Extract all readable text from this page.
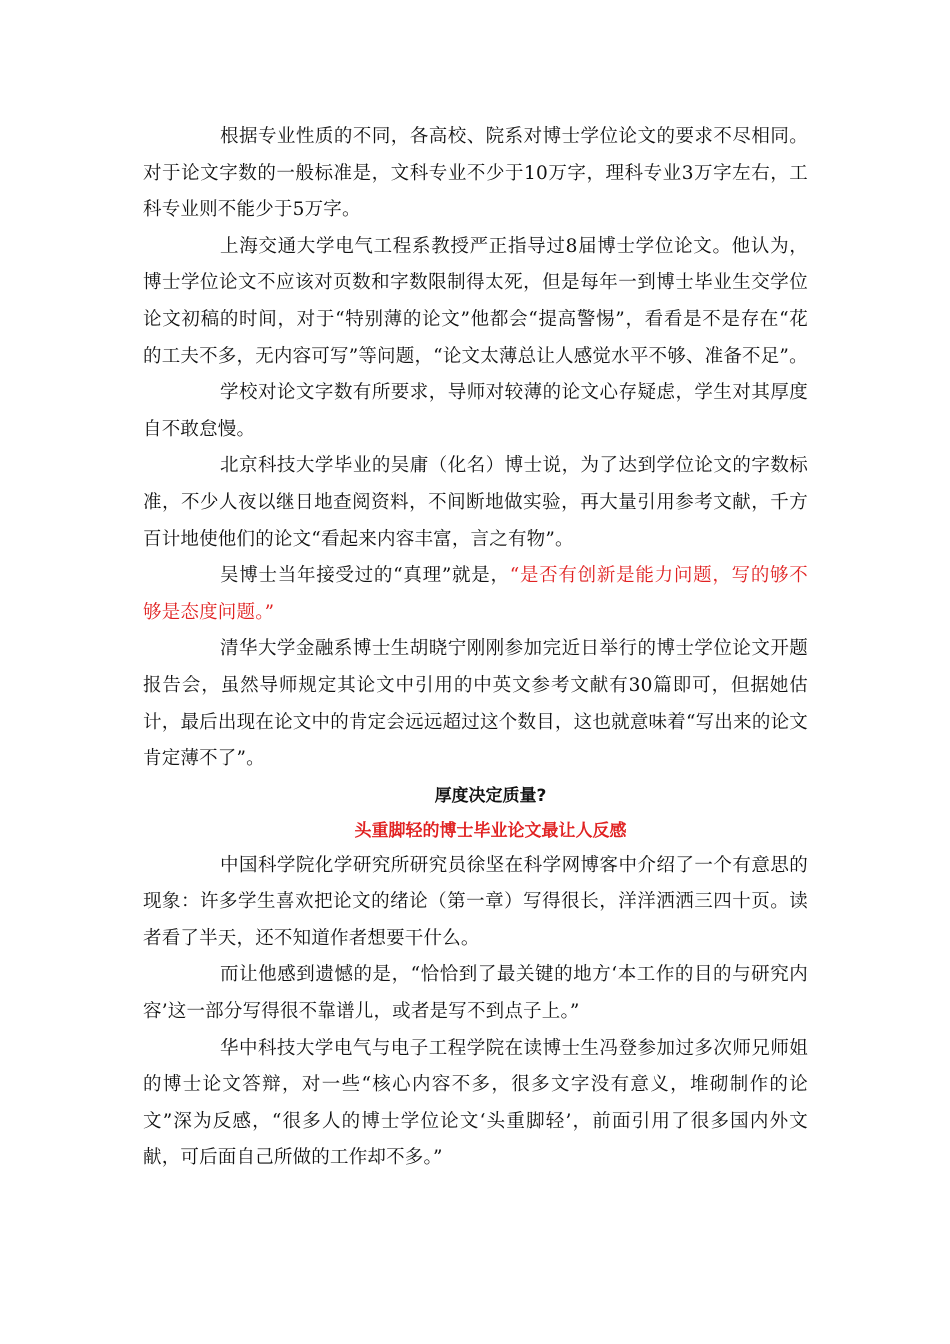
根据专业性质的不同，各高校、院系对博士学位论文的要求不尽相同。对于论文字数的一般标准是，文科专业不少于10万字，理科专业3万字左右，工科专业则不能少于5万字。

上海交通大学电气工程系教授严正指导过8届博士学位论文。他认为，博士学位论文不应该对页数和字数限制得太死，但是每年一到博士毕业生交学位论文初稿的时间，对于“特别薄的论文”他都会“提高警惕”，看看是不是存在“花的工夫不多，无内容可写”等问题，“论文太薄总让人感觉水平不够、准备不足”。

学校对论文字数有所要求，导师对较薄的论文心存疑虑，学生对其厚度自不敢怠慢。

北京科技大学毕业的吴庸（化名）博士说，为了达到学位论文的字数标准，不少人夜以继日地查阅资料，不间断地做实验，再大量引用参考文献，千方百计地使他们的论文“看起来内容丰富，言之有物”。

吴博士当年接受过的“真理”就是，“是否有创新是能力问题，写的够不够是态度问题。”

清华大学金融系博士生胡晓宁刚刚参加完近日举行的博士学位论文开题报告会，虽然导师规定其论文中引用的中英文参考文献有30篇即可，但据她估计，最后出现在论文中的肯定会远远超过这个数目，这也就意味着“写出来的论文肯定薄不了”。

厚度决定质量?
头重脚轻的博士毕业论文最让人反感

中国科学院化学研究所研究员徐坚在科学网博客中介绍了一个有意思的现象：许多学生喜欢把论文的绪论（第一章）写得很长，洋洋洒洒三四十页。读者看了半天，还不知道作者想要干什么。

而让他感到遗憾的是，“恰恰到了最关键的地方‘本工作的目的与研究内容’这一部分写得很不靠谱儿，或者是写不到点子上。”

华中科技大学电气与电子工程学院在读博士生冯登参加过多次师兄师姐的博士论文答辩，对一些“核心内容不多，很多文字没有意义，堆砌制作的论文”深为反感，“很多人的博士学位论文‘头重脚轻’，前面引用了很多国内外文献，可后面自己所做的工作却不多。”
